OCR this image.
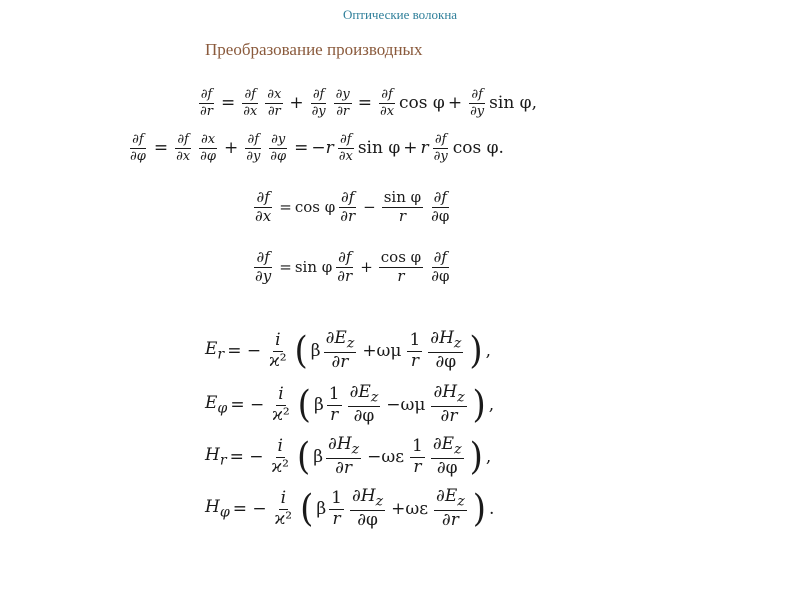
Оптические волокна
Преобразование производных
$\frac{\partial f}{\partial r} = \frac{\partial f}{\partial x} \frac{\partial x}{\partial r} + \frac{\partial f}{\partial y} \frac{\partial y}{\partial r} = \frac{\partial f}{\partial x}$ $\cos \varphi + \frac{\partial f}{\partial y}$ sin φ,
$\frac{\partial f}{\partial\varphi} = \frac{\partial f}{\partial x} \frac{\partial x}{\partial\varphi} + \frac{\partial f}{\partial y} \frac{\partial y}{\partial\varphi} = -r \frac{\partial f}{\partial x}$ sin φ + r $\frac{\partial f}{\partial y}$ cos φ.
$\frac{\partial f}{\partial x} = \cos \varphi \frac{\partial f}{\partial r} - \frac{\text{sin φ}}{r} \frac{\partial f}{\partial\varphi}$
$\frac{\partial f}{\partial y} = \sin \varphi \frac{\partial f}{\partial r} + \frac{\text{cos φ}}{r} \frac{\partial f}{\partial\varphi}$
$E_r$ = − $\frac{i}{\text{ϰ²}}$ ( β $\frac{\partial E_z}{\partial r} +\omega\mu \frac{1}{r} \frac{\partial H_z}{\partial\varphi}$ ) ,
$E_\varphi$ = − $\frac{i}{\text{ϰ²}}$ ( β $\frac{1}{r} \frac{\partial E_z}{\partial\varphi} -\omega\mu \frac{\partial H_z}{\partial r}$ ) ,
$H_r$ = − $\frac{i}{\text{ϰ²}}$ ( β $\frac{\partial H_z}{\partial r} -\omega\varepsilon \frac{1}{r} \frac{\partial E_z}{\partial\varphi}$ ) ,
$H_\varphi$ = − $\frac{i}{\text{ϰ²}}$ ( β $\frac{1}{r} \frac{\partial H_z}{\partial\varphi} +\omega\varepsilon \frac{\partial E_z}{\partial r}$ ) .
